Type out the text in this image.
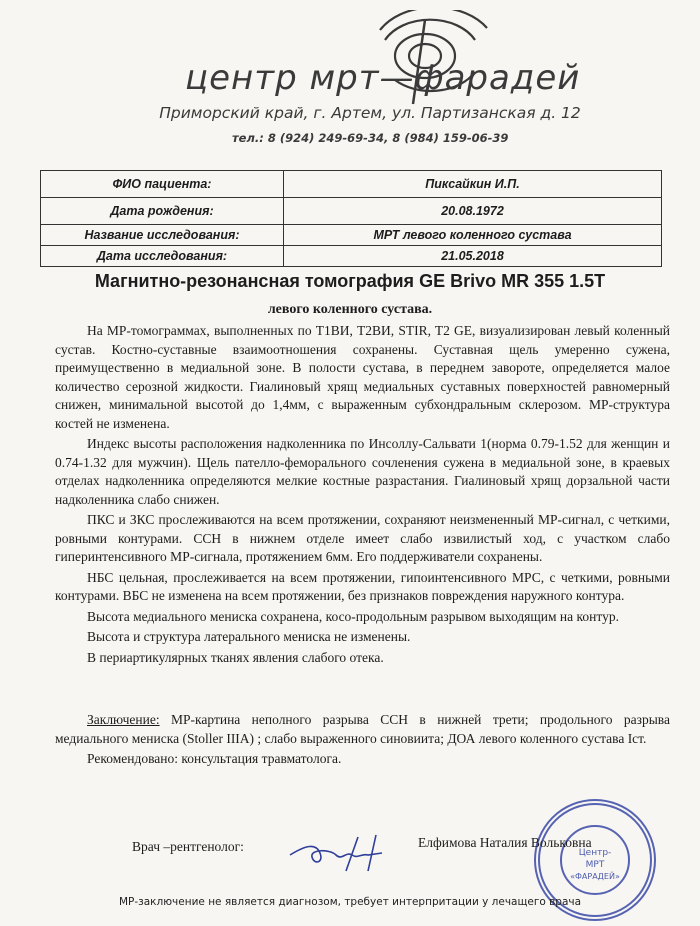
центр мрт—фарадей
Приморский край, г. Артем, ул. Партизанская д. 12
тел.: 8 (924) 249-69-34, 8 (984) 159-06-39
ФИО пациента:	Пиксайкин И.П.
Дата рождения:	20.08.1972
Название исследования:	МРТ левого коленного сустава
Дата исследования:	21.05.2018
Магнитно-резонансная томография GE Brivo MR 355 1.5T
левого коленного сустава.

На МР-томограммах, выполненных по Т1ВИ, Т2ВИ, STIR, T2 GE, визуализирован левый коленный сустав. Костно-суставные взаимоотношения сохранены. Суставная щель умеренно сужена, преимущественно в медиальной зоне. В полости сустава, в переднем завороте, определяется малое количество серозной жидкости. Гиалиновый хрящ медиальных суставных поверхностей равномерный снижен, минимальной высотой до 1,4мм, с выраженным субхондральным склерозом. МР-структура костей не изменена.

Индекс высоты расположения надколенника по Инсоллу-Сальвати 1(норма 0.79-1.52 для женщин и 0.74-1.32 для мужчин). Щель пателло-феморального сочленения сужена в медиальной зоне, в краевых отделах надколенника определяются мелкие костные разрастания. Гиалиновый хрящ дорзальной части надколенника слабо снижен.

ПКС и ЗКС прослеживаются на всем протяжении, сохраняют неизмененный МР-сигнал, с четкими, ровными контурами. ССН в нижнем отделе имеет слабо извилистый ход, с участком слабо гиперинтенсивного МР-сигнала, протяжением 6мм. Его поддерживатели сохранены.

НБС цельная, прослеживается на всем протяжении, гипоинтенсивного МРС, с четкими, ровными контурами. ВБС не изменена на всем протяжении, без признаков повреждения наружного контура.

Высота медиального мениска сохранена, косо-продольным разрывом выходящим на контур.

Высота и структура латерального мениска не изменены.

В периартикулярных тканях явления слабого отека.

Заключение: МР-картина неполного разрыва ССН в нижней трети; продольного разрыва медиального мениска (Stoller IIIA) ; слабо выраженного синовиита; ДОА левого коленного сустава Iст.

Рекомендовано: консультация травматолога.

Центр-
МРТ
«ФАРАДЕЙ»
Врач –рентгенолог:	Елфимова Наталия Вольковна
МР-заключение не является диагнозом, требует интерпритации у лечащего врача
